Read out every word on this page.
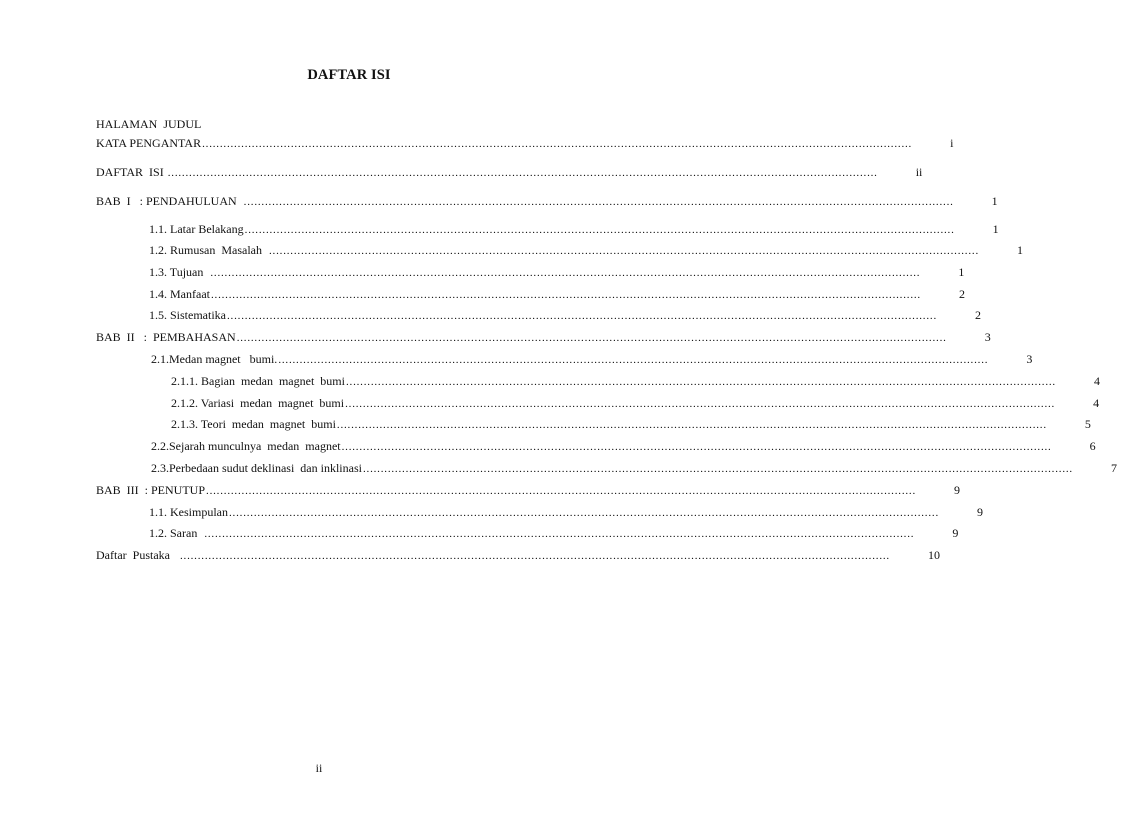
DAFTAR ISI
HALAMAN  JUDUL
KATA PENGANTAR ........................................................................................................................................................................................................	i
DAFTAR  ISI ........................................................................................................................................................................................................	ii
BAB  I   : PENDAHULUAN ........................................................................................................................................................................................................	1
1.1. Latar Belakang ........................................................................................................................................................................................................	1
1.2. Rumusan  Masalah ........................................................................................................................................................................................................	1
1.3. Tujuan ........................................................................................................................................................................................................	1
1.4. Manfaat ........................................................................................................................................................................................................	2
1.5. Sistematika ........................................................................................................................................................................................................	2
BAB  II   :  PEMBAHASAN ........................................................................................................................................................................................................	3
2.1.Medan magnet   bumi. ........................................................................................................................................................................................................	3
2.1.1. Bagian  medan  magnet  bumi ........................................................................................................................................................................................................	4
2.1.2. Variasi  medan  magnet  bumi ........................................................................................................................................................................................................	4
2.1.3. Teori  medan  magnet  bumi ........................................................................................................................................................................................................	5
2.2.Sejarah munculnya  medan  magnet ........................................................................................................................................................................................................	6
2.3.Perbedaan sudut deklinasi  dan inklinasi ........................................................................................................................................................................................................	7
BAB  III  : PENUTUP ........................................................................................................................................................................................................	9
1.1. Kesimpulan ........................................................................................................................................................................................................	9
1.2. Saran ........................................................................................................................................................................................................	9
Daftar  Pustaka ........................................................................................................................................................................................................	10
ii
